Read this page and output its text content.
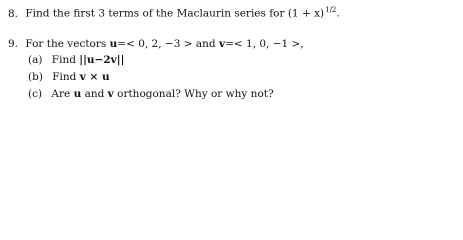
8. Find the first 3 terms of the Maclaurin series for $(1 + x)^{1/2}$.
9. For the vectors u=< 0, 2, −3 > and v=< 1, 0, −1 >,
(a) Find ||u−2v||
(b) Find v × u
(c) Are u and v orthogonal? Why or why not?
